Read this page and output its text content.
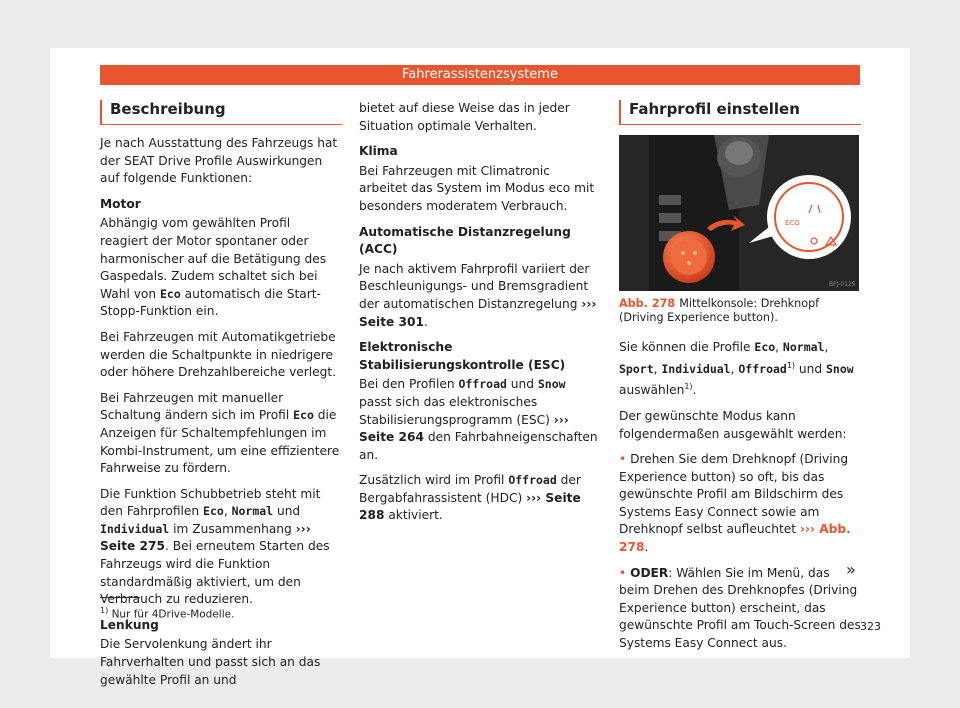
Fahrerassistenzsysteme
Beschreibung

Je nach Ausstattung des Fahrzeugs hat der SEAT Drive Profile Auswirkungen auf folgende Funktionen:

Motor

Abhängig vom gewählten Profil reagiert der Motor spontaner oder harmonischer auf die Betätigung des Gaspedals. Zudem schaltet sich bei Wahl von Eco automatisch die Start-Stopp-Funktion ein.

Bei Fahrzeugen mit Automatikgetriebe werden die Schaltpunkte in niedrigere oder höhere Drehzahlbereiche verlegt.

Bei Fahrzeugen mit manueller Schaltung ändern sich im Profil Eco die Anzeigen für Schaltempfehlungen im Kombi-Instrument, um eine effizientere Fahrweise zu fördern.

Die Funktion Schubbetrieb steht mit den Fahrprofilen Eco, Normal und Individual im Zusammenhang ››› Seite 275. Bei erneutem Starten des Fahrzeugs wird die Funktion standardmäßig aktiviert, um den Verbrauch zu reduzieren.

Lenkung

Die Servolenkung ändert ihr Fahrverhalten und passt sich an das gewählte Profil an und

bietet auf diese Weise das in jeder Situation optimale Verhalten.

Klima

Bei Fahrzeugen mit Climatronic arbeitet das System im Modus eco mit besonders moderatem Verbrauch.

Automatische Distanzregelung (ACC)

Je nach aktivem Fahrprofil variiert der Beschleunigungs- und Bremsgradient der automatischen Distanzregelung ››› Seite 301.

Elektronische Stabilisierungskontrolle (ESC)

Bei den Profilen Offroad und Snow passt sich das elektronisches Stabilisierungsprogramm (ESC) ››› Seite 264 den Fahrbahneigenschaften an.

Zusätzlich wird im Profil Offroad der Bergabfahrassistent (HDC) ››› Seite 288 aktiviert.

Fahrprofil einstellen
ECO
BFJ-0125
Abb. 278 Mittelkonsole: Drehknopf (Driving Experience button).

Sie können die Profile Eco, Normal, Sport, Individual, Offroad$^{1)}$ und Snow auswählen$^{1)}$.

Der gewünschte Modus kann folgendermaßen ausgewählt werden:

• Drehen Sie dem Drehknopf (Driving Experience button) so oft, bis das gewünschte Profil am Bildschirm des Systems Easy Connect sowie am Drehknopf selbst aufleuchtet ››› Abb. 278.

• ODER: Wählen Sie im Menü, das beim Drehen des Drehknopfes (Driving Experience button) erscheint, das gewünschte Profil am Touch-Screen des Systems Easy Connect aus.

»
$^{1)}$ Nur für 4Drive-Modelle.
323
